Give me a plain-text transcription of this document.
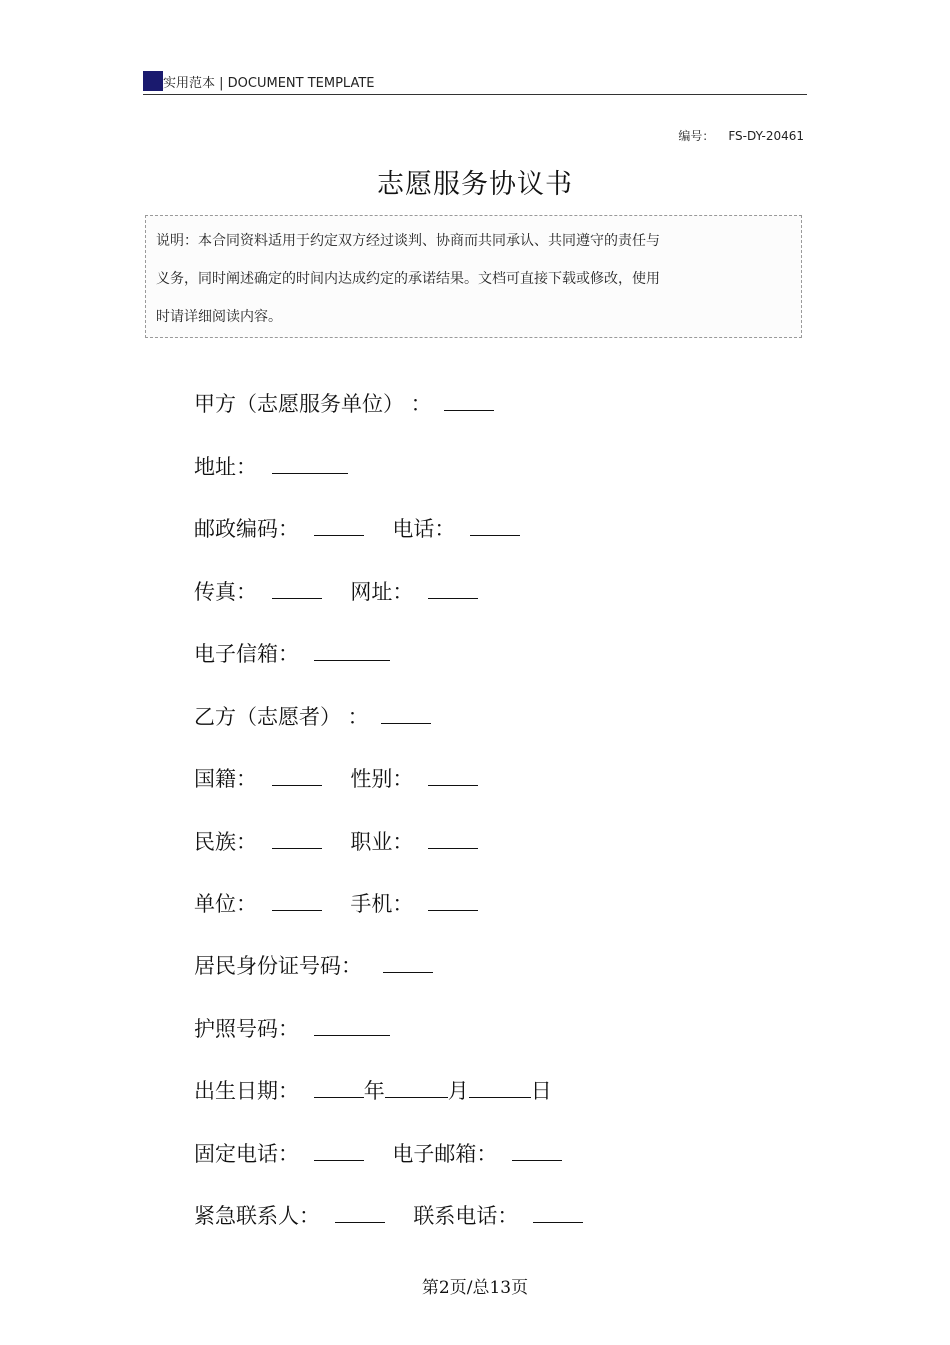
实用范本 | DOCUMENT TEMPLATE
编号： FS-DY-20461
志愿服务协议书
说明：本合同资料适用于约定双方经过谈判、协商而共同承认、共同遵守的责任与
义务，同时阐述确定的时间内达成约定的承诺结果。文档可直接下载或修改，使用
时请详细阅读内容。
甲方（志愿服务单位） ：
地址：
邮政编码：	电话：
传真：	网址：
电子信箱：
乙方（志愿者） ：
国籍：	性别：
民族：	职业：
单位：	手机：
居民身份证号码：
护照号码：
出生日期：	年	月	日
固定电话：	电子邮箱：
紧急联系人：	联系电话：
第2页/总13页
